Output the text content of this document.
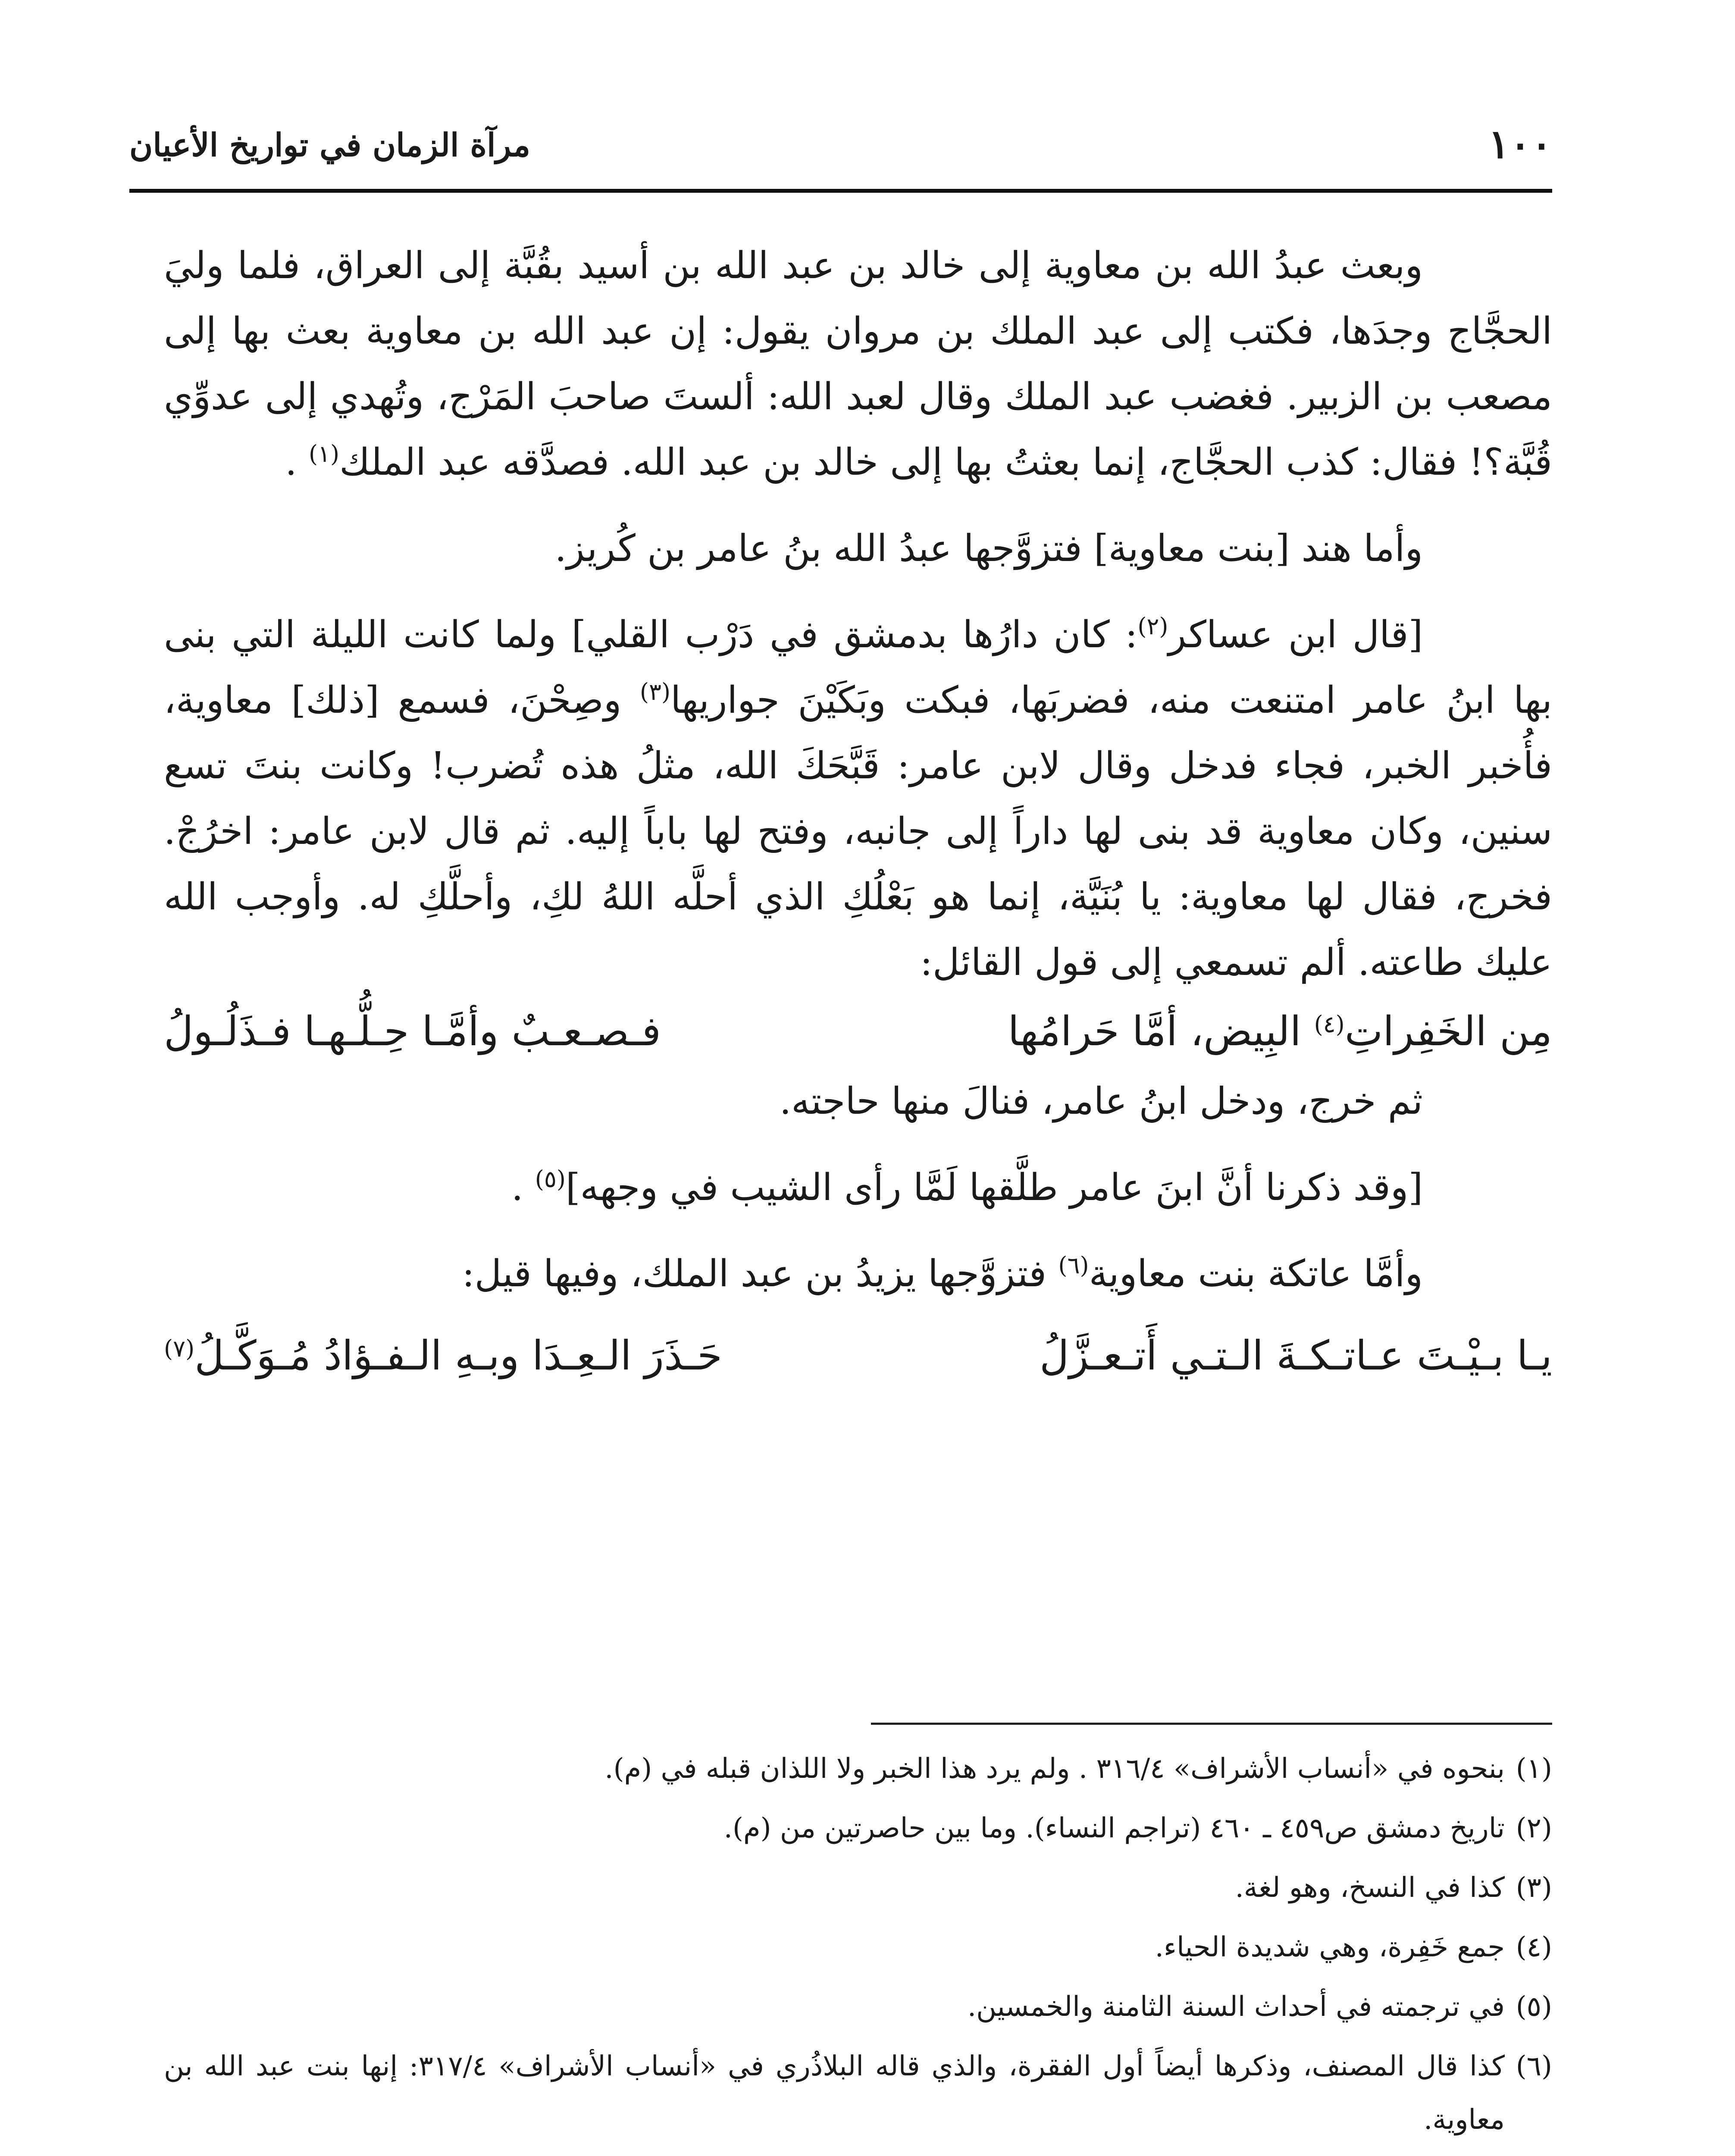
١٠٠
مرآة الزمان في تواريخ الأعيان

وبعث عبدُ الله بن معاوية إلى خالد بن عبد الله بن أسيد بقُبَّة إلى العراق، فلما وليَ الحجَّاج وجدَها، فكتب إلى عبد الملك بن مروان يقول: إن عبد الله بن معاوية بعث بها إلى مصعب بن الزبير. فغضب عبد الملك وقال لعبد الله: ألستَ صاحبَ المَرْج، وتُهدي إلى عدوِّي قُبَّة؟! فقال: كذب الحجَّاج، إنما بعثتُ بها إلى خالد بن عبد الله. فصدَّقه عبد الملك$^{(١)}$ .

وأما هند [بنت معاوية] فتزوَّجها عبدُ الله بنُ عامر بن كُريز.

[قال ابن عساكر$^{(٢)}$: كان دارُها بدمشق في دَرْب القلي] ولما كانت الليلة التي بنى بها ابنُ عامر امتنعت منه، فضربَها، فبكت وبَكَيْنَ جواريها$^{(٣)}$ وصِحْنَ، فسمع [ذلك] معاوية، فأُخبر الخبر، فجاء فدخل وقال لابن عامر: قَبَّحَكَ الله، مثلُ هذه تُضرب! وكانت بنتَ تسع سنين، وكان معاوية قد بنى لها داراً إلى جانبه، وفتح لها باباً إليه. ثم قال لابن عامر: اخرُجْ. فخرج، فقال لها معاوية: يا بُنَيَّة، إنما هو بَعْلُكِ الذي أحلَّه اللهُ لكِ، وأحلَّكِ له. وأوجب الله عليك طاعته. ألم تسمعي إلى قول القائل:

مِن الخَفِراتِ$^{(٤)}$ البِيض، أمَّا حَرامُها
فـصـعـبٌ وأمَّـا حِـلُّـهـا فـذَلُـولُ

ثم خرج، ودخل ابنُ عامر، فنالَ منها حاجته.

[وقد ذكرنا أنَّ ابنَ عامر طلَّقها لَمَّا رأى الشيب في وجهه]$^{(٥)}$ .

وأمَّا عاتكة بنت معاوية$^{(٦)}$ فتزوَّجها يزيدُ بن عبد الملك، وفيها قيل:

يـا بـيْـتَ عـاتـكـةَ الـتـي أَتـعـزَّلُ
حَـذَرَ الـعِـدَا وبـهِ الـفـؤادُ مُـوَكَّـلُ$^{(٧)}$

(١)بنحوه في «أنساب الأشراف» ٣١٦/٤ . ولم يرد هذا الخبر ولا اللذان قبله في (م).

(٢)تاريخ دمشق ص٤٥٩ ـ ٤٦٠ (تراجم النساء). وما بين حاصرتين من (م).

(٣)كذا في النسخ، وهو لغة.

(٤)جمع خَفِرة، وهي شديدة الحياء.

(٥)في ترجمته في أحداث السنة الثامنة والخمسين.

(٦)كذا قال المصنف، وذكرها أيضاً أول الفقرة، والذي قاله البلاذُري في «أنساب الأشراف» ٣١٧/٤: إنها بنت عبد الله بن معاوية.
